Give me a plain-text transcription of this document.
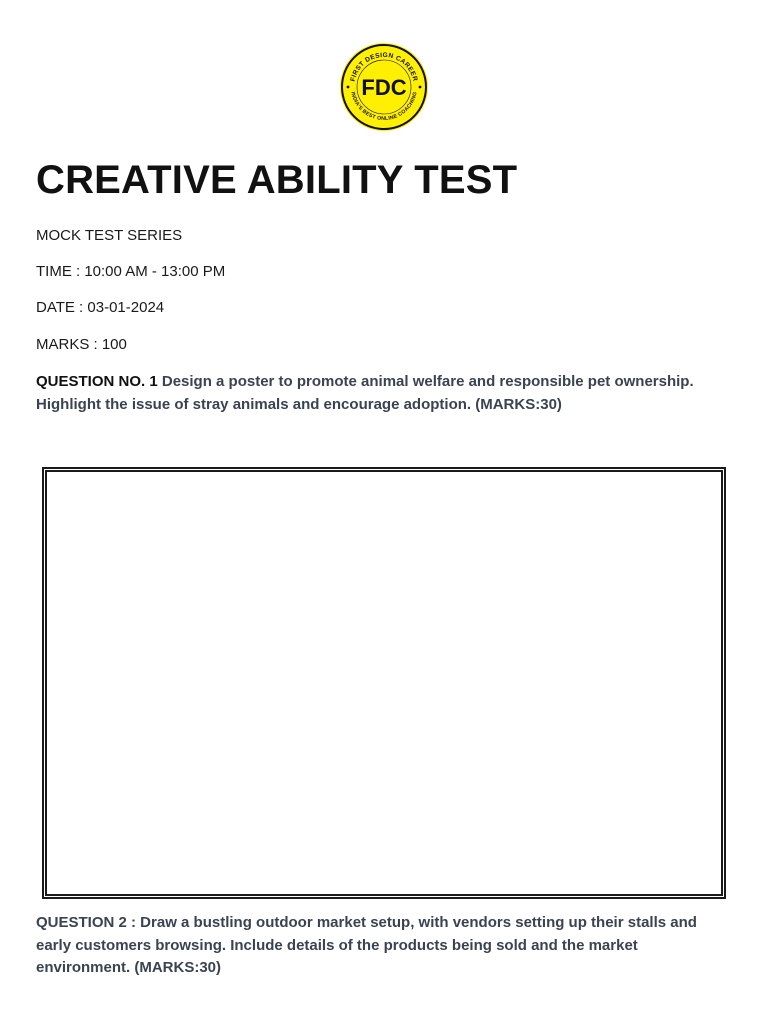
FIRST DESIGN CAREER
INDIA'S BEST ONLINE COACHING
FDC
CREATIVE ABILITY TEST
MOCK TEST SERIES
TIME : 10:00 AM - 13:00 PM
DATE : 03-01-2024
MARKS : 100
QUESTION NO. 1 Design a poster to promote animal welfare and responsible pet ownership. Highlight the issue of stray animals and encourage adoption. (MARKS:30)
QUESTION 2 : Draw a bustling outdoor market setup, with vendors setting up their stalls and early customers browsing. Include details of the products being sold and the market environment. (MARKS:30)
